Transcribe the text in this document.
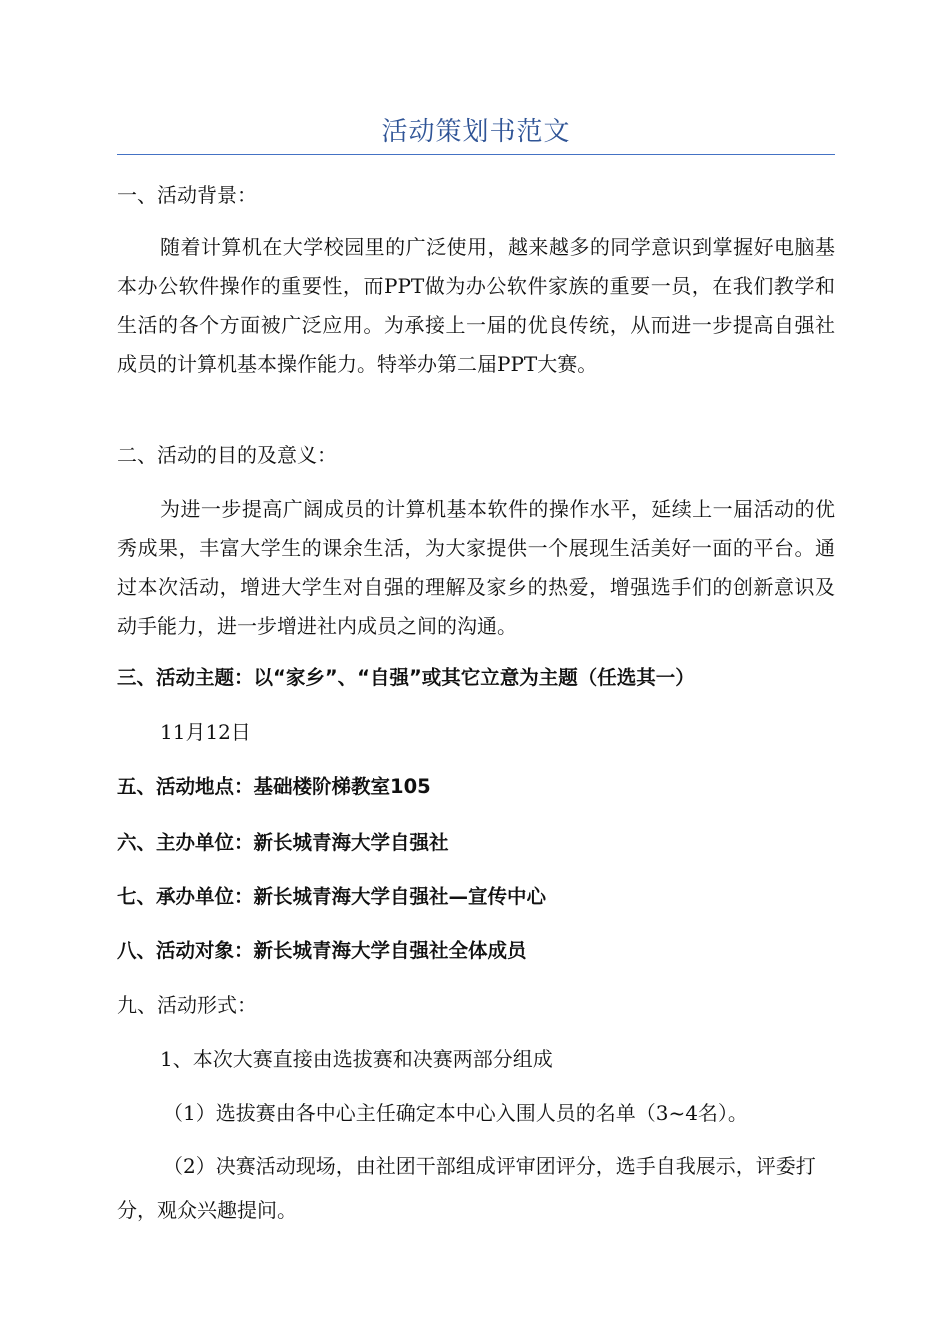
活动策划书范文
一、活动背景：
随着计算机在大学校园里的广泛使用，越来越多的同学意识到掌握好电脑基本办公软件操作的重要性，而PPT做为办公软件家族的重要一员，在我们教学和生活的各个方面被广泛应用。为承接上一届的优良传统，从而进一步提高自强社成员的计算机基本操作能力。特举办第二届PPT大赛。
二、活动的目的及意义：
为进一步提高广阔成员的计算机基本软件的操作水平，延续上一届活动的优秀成果，丰富大学生的课余生活，为大家提供一个展现生活美好一面的平台。通过本次活动，增进大学生对自强的理解及家乡的热爱，增强选手们的创新意识及动手能力，进一步增进社内成员之间的沟通。
三、活动主题：以“家乡”、“自强”或其它立意为主题（任选其一）
11月12日
五、活动地点：基础楼阶梯教室105
六、主办单位：新长城青海大学自强社
七、承办单位：新长城青海大学自强社—宣传中心
八、活动对象：新长城青海大学自强社全体成员
九、活动形式：
1、本次大赛直接由选拔赛和决赛两部分组成
（1）选拔赛由各中心主任确定本中心入围人员的名单（3~4名）。
（2）决赛活动现场，由社团干部组成评审团评分，选手自我展示，评委打分，观众兴趣提问。
